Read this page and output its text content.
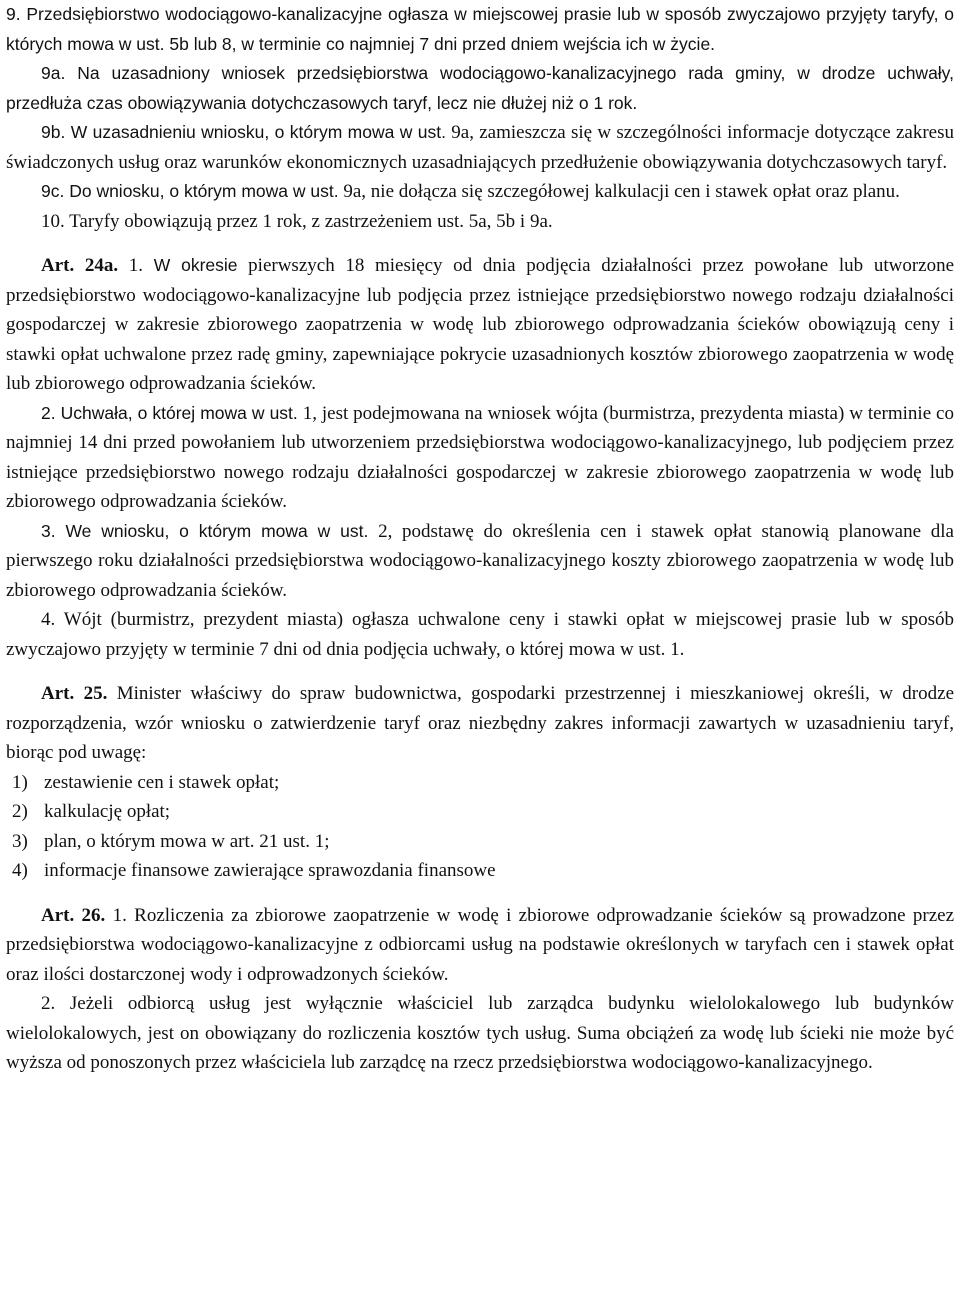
9. Przedsiębiorstwo wodociągowo-kanalizacyjne ogłasza w miejscowej prasie lub w sposób zwyczajowo przyjęty taryfy, o których mowa w ust. 5b lub 8, w terminie co najmniej 7 dni przed dniem wejścia ich w życie.

9a. Na uzasadniony wniosek przedsiębiorstwa wodociągowo-kanalizacyjnego rada gminy, w drodze uchwały, przedłuża czas obowiązywania dotychczasowych taryf, lecz nie dłużej niż o 1 rok.

9b. W uzasadnieniu wniosku, o którym mowa w ust. 9a, zamieszcza się w szczególności informacje dotyczące zakresu świadczonych usług oraz warunków ekonomicznych uzasadniających przedłużenie obowiązywania dotychczasowych taryf.

9c. Do wniosku, o którym mowa w ust. 9a, nie dołącza się szczegółowej kalkulacji cen i stawek opłat oraz planu.

10. Taryfy obowiązują przez 1 rok, z zastrzeżeniem ust. 5a, 5b i 9a.

Art. 24a. 1. W okresie pierwszych 18 miesięcy od dnia podjęcia działalności przez powołane lub utworzone przedsiębiorstwo wodociągowo-kanalizacyjne lub podjęcia przez istniejące przedsiębiorstwo nowego rodzaju działalności gospodarczej w zakresie zbiorowego zaopatrzenia w wodę lub zbiorowego odprowadzania ścieków obowiązują ceny i stawki opłat uchwalone przez radę gminy, zapewniające pokrycie uzasadnionych kosztów zbiorowego zaopatrzenia w wodę lub zbiorowego odprowadzania ścieków.

2. Uchwała, o której mowa w ust. 1, jest podejmowana na wniosek wójta (burmistrza, prezydenta miasta) w terminie co najmniej 14 dni przed powołaniem lub utworzeniem przedsiębiorstwa wodociągowo-kanalizacyjnego, lub podjęciem przez istniejące przedsiębiorstwo nowego rodzaju działalności gospodarczej w zakresie zbiorowego zaopatrzenia w wodę lub zbiorowego odprowadzania ścieków.

3. We wniosku, o którym mowa w ust. 2, podstawę do określenia cen i stawek opłat stanowią planowane dla pierwszego roku działalności przedsiębiorstwa wodociągowo-kanalizacyjnego koszty zbiorowego zaopatrzenia w wodę lub zbiorowego odprowadzania ścieków.

4. Wójt (burmistrz, prezydent miasta) ogłasza uchwalone ceny i stawki opłat w miejscowej prasie lub w sposób zwyczajowo przyjęty w terminie 7 dni od dnia podjęcia uchwały, o której mowa w ust. 1.

Art. 25. Minister właściwy do spraw budownictwa, gospodarki przestrzennej i mieszkaniowej określi, w drodze rozporządzenia, wzór wniosku o zatwierdzenie taryf oraz niezbędny zakres informacji zawartych w uzasadnieniu taryf, biorąc pod uwagę:

1) zestawienie cen i stawek opłat;

2) kalkulację opłat;

3) plan, o którym mowa w art. 21 ust. 1;

4) informacje finansowe zawierające sprawozdania finansowe

Art. 26. 1. Rozliczenia za zbiorowe zaopatrzenie w wodę i zbiorowe odprowadzanie ścieków są prowadzone przez przedsiębiorstwa wodociągowo-kanalizacyjne z odbiorcami usług na podstawie określonych w taryfach cen i stawek opłat oraz ilości dostarczonej wody i odprowadzonych ścieków.

2. Jeżeli odbiorcą usług jest wyłącznie właściciel lub zarządca budynku wielolokalowego lub budynków wielolokalowych, jest on obowiązany do rozliczenia kosztów tych usług. Suma obciążeń za wodę lub ścieki nie może być wyższa od ponoszonych przez właściciela lub zarządcę na rzecz przedsiębiorstwa wodociągowo-kanalizacyjnego.
